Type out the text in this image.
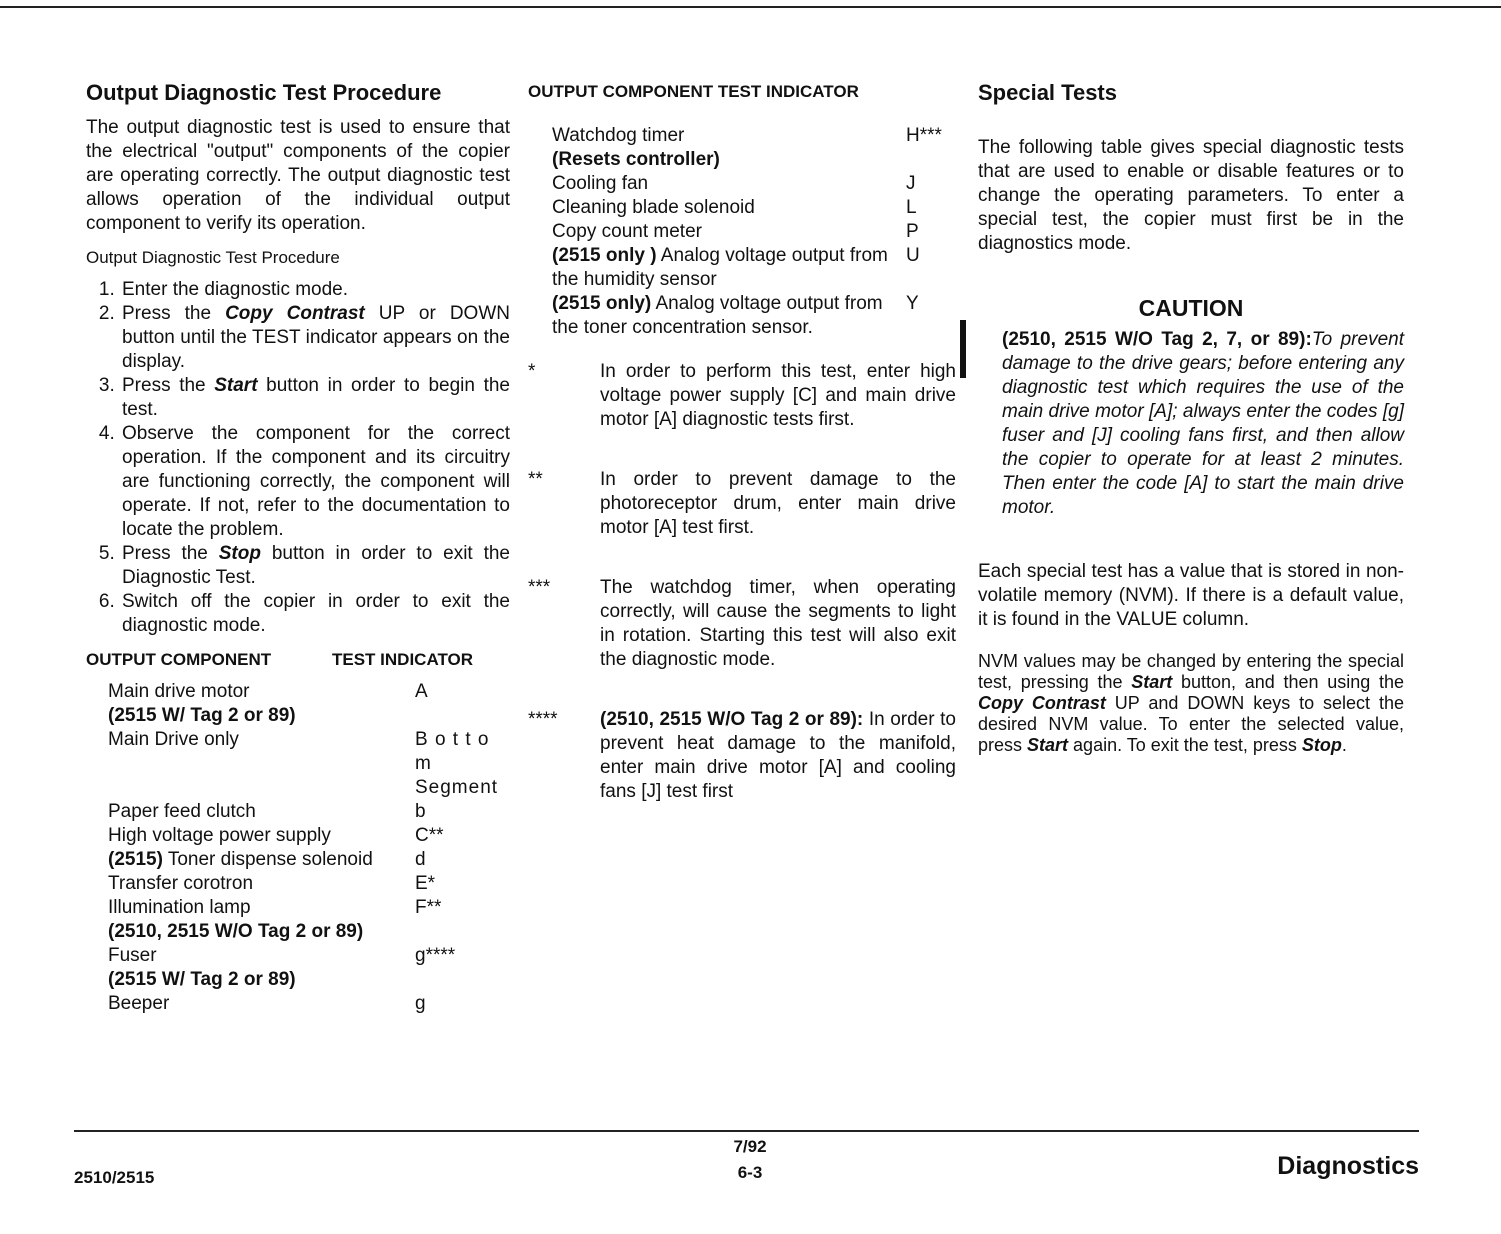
Output Diagnostic Test Procedure

The output diagnostic test is used to ensure that the electrical "output" components of the copier are operating correctly. The output diagnostic test allows operation of the individual output component to verify its operation.

Output Diagnostic Test Procedure

1. Enter the diagnostic mode.
2. Press the Copy Contrast UP or DOWN button until the TEST indicator appears on the display.
3. Press the Start button in order to begin the test.
4. Observe the component for the correct operation. If the component and its circuitry are functioning correctly, the component will operate. If not, refer to the documentation to locate the problem.
5. Press the Stop button in order to exit the Diagnostic Test.
6. Switch off the copier in order to exit the diagnostic mode.
OUTPUT COMPONENT	TEST INDICATOR
Main drive motor	A
(2515 W/ Tag 2 or 89)	
Main Drive only	B o t t o m Segment
Paper feed clutch	b
High voltage power supply	C**
(2515) Toner dispense solenoid	d
Transfer corotron	E*
Illumination lamp	F**
(2510, 2515 W/O Tag 2 or 89)	
Fuser	g****
(2515 W/ Tag 2 or 89)	
Beeper	g
OUTPUT COMPONENT TEST INDICATOR
Watchdog timer	H***
(Resets controller)	
Cooling fan	J
Cleaning blade solenoid	L
Copy count meter	P
(2515 only ) Analog voltage output from the humidity sensor	U
(2515 only) Analog voltage output from the toner concentration sensor.	Y
*	In order to perform this test, enter high voltage power supply [C] and main drive motor [A] diagnostic tests first.
**	In order to prevent damage to the photoreceptor drum, enter main drive motor [A] test first.
***	The watchdog timer, when operating correctly, will cause the segments to light in rotation. Starting this test will also exit the diagnostic mode.
****	(2510, 2515 W/O Tag 2 or 89): In order to prevent heat damage to the manifold, enter main drive motor [A] and cooling fans [J] test first
Special Tests

The following table gives special diagnostic tests that are used to enable or disable features or to change the operating parameters. To enter a special test, the copier must first be in the diagnostics mode.

CAUTION
(2510, 2515 W/O Tag 2, 7, or 89):To prevent damage to the drive gears; before entering any diagnostic test which requires the use of the main drive motor [A]; always enter the codes [g] fuser and [J] cooling fans first, and then allow the copier to operate for at least 2 minutes. Then enter the code [A] to start the main drive motor.

Each special test has a value that is stored in non-volatile memory (NVM). If there is a default value, it is found in the VALUE column.

NVM values may be changed by entering the special test, pressing the Start button, and then using the Copy Contrast UP and DOWN keys to select the desired NVM value. To enter the selected value, press Start again. To exit the test, press Stop.

2510/2515
7/92
6-3	Diagnostics
